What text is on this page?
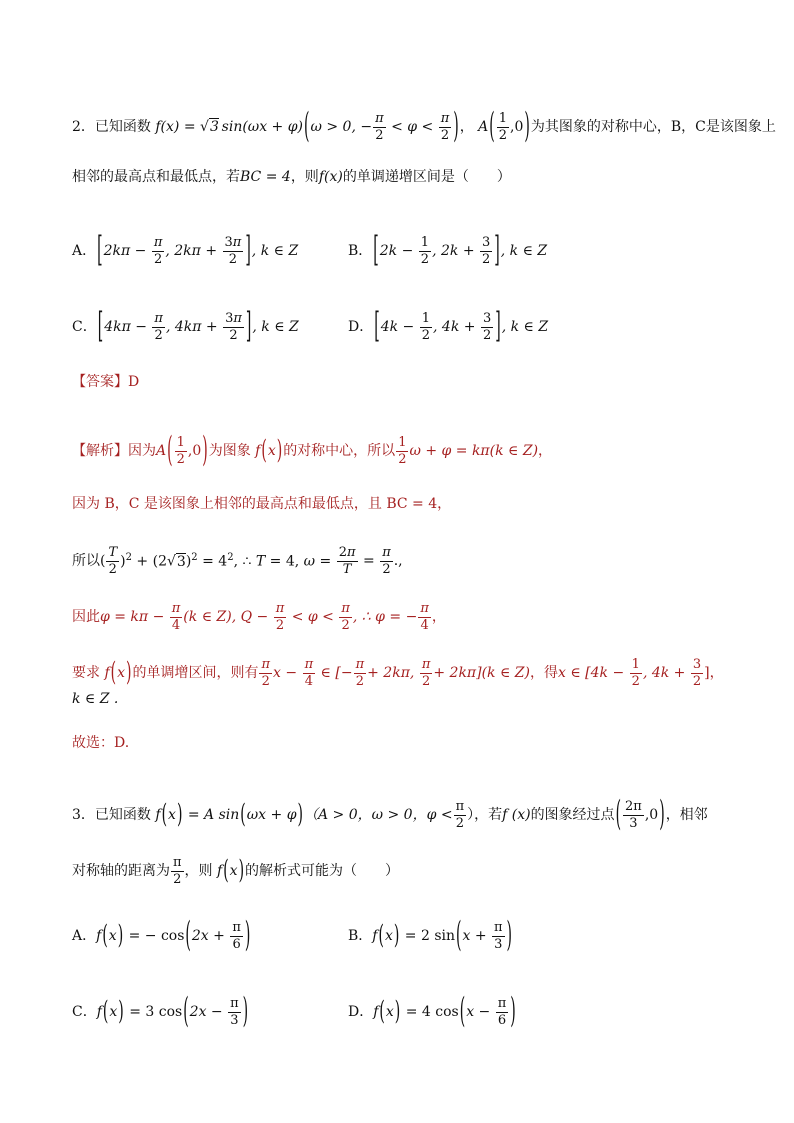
2．已知函数 f(x) = √3 sin(ωx + φ) ( ω > 0, − $\frac{\pi}{2} < \varphi < \frac{\pi}{2}$ ) ， A ( $\frac{1}{2} ,0$ ) 为其图象的对称中心，B，C是该图象上
相邻的最高点和最低点，若 BC = 4 ，则 f(x) 的单调递增区间是（　　）
A． [ $2k\pi - \frac{\pi}{2}$ , $2k\pi + \frac{3\pi}{2}$ ] , k ∈ Z	B． [ $2k - \frac{1}{2}$ , $2k + \frac{3}{2}$ ] , k ∈ Z
C． [ $4k\pi - \frac{\pi}{2}$ , $4k\pi + \frac{3\pi}{2}$ ] , k ∈ Z	D． [ $4k - \frac{1}{2}$ , $4k + \frac{3}{2}$ ] , k ∈ Z
【答案】 D
【解析】 因为 A ( $\frac{1}{2} ,0$ ) 为图象 f ( x ) 的对称中心，所以 $\frac{1}{2}$ ω + φ = kπ(k ∈ Z) ，
因为 B，C 是该图象上相邻的最高点和最低点，且 BC = 4，
所以 ( $\frac{T}{2} )^2 + (2√3)^2 = 4^2$, ∴ T = 4, $\omega = \frac{2\pi}{T} = \frac{\pi}{2}$ .,
因此 $\varphi = k\pi - \frac{\pi}{4} (k$ ∈ Z), $Q - \frac{\pi}{2} < \varphi < \frac{\pi}{2}$ , ∴ φ = − $\frac{\pi}{4}$ ，
要求 f ( x ) 的单调增区间，则有 $\frac{\pi}{2}$ $x - \frac{\pi}{4}$ ∈ [− $\frac{\pi}{2} + 2k\pi$, $\frac{\pi}{2} + 2k\pi](k$ ∈ Z) ，得 x ∈ [$4k - \frac{1}{2}$ , $4k + \frac{3}{2}$ ]，
k ∈ Z .
故选：D.
3．已知函数 f ( x ) = A sin ( ωx + φ ) （A > 0，ω > 0，$\varphi < \frac{\pi}{2}$ ），若 f (x) 的图象经过点 ( $\frac{2\pi}{3} ,0$ ) ，相邻
对称轴的距离为 $\frac{\pi}{2}$ ，则 f ( x ) 的解析式可能为（　　）
A． f ( x ) = − cos ( $2x + \frac{\pi}{6}$ )	B． f ( x ) = 2 sin ( $x + \frac{\pi}{3}$ )
C． f ( x ) = 3 cos ( $2x - \frac{\pi}{3}$ )	D． f ( x ) = 4 cos ( $x - \frac{\pi}{6}$ )
